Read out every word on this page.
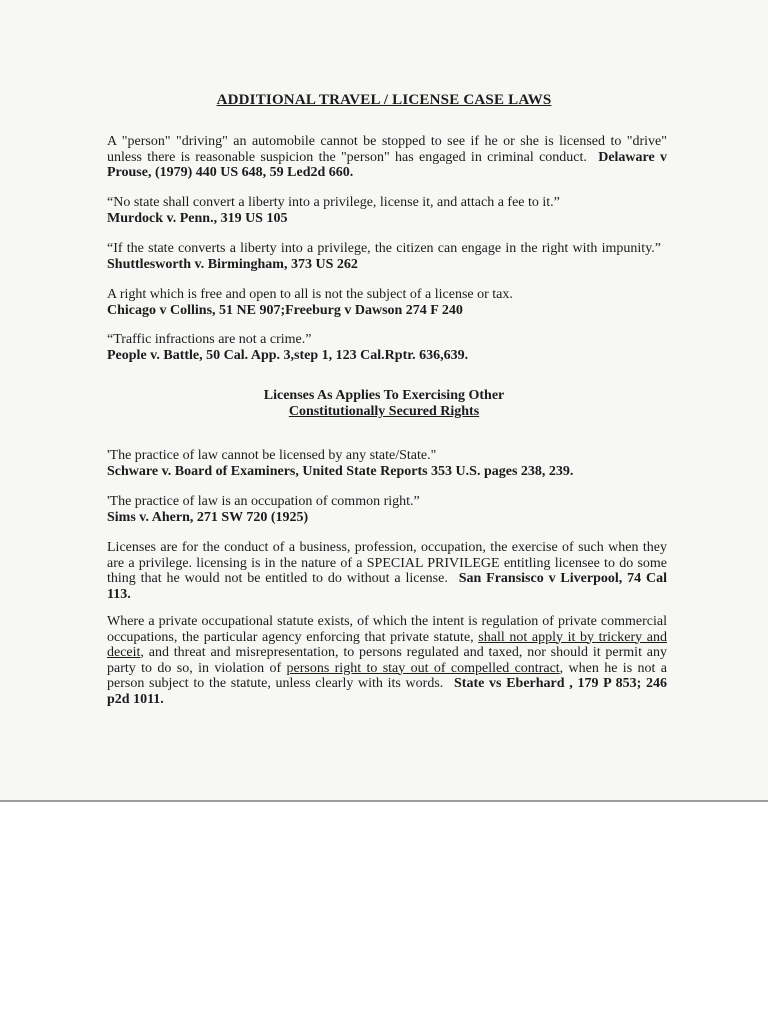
ADDITIONAL TRAVEL / LICENSE CASE LAWS
A "person" "driving" an automobile cannot be stopped to see if he or she is licensed to "drive" unless there is reasonable suspicion the "person" has engaged in criminal conduct. Delaware v Prouse, (1979) 440 US 648, 59 Led2d 660.
“No state shall convert a liberty into a privilege, license it, and attach a fee to it.”
Murdock v. Penn., 319 US 105
“If the state converts a liberty into a privilege, the citizen can engage in the right with impunity.” Shuttlesworth v. Birmingham, 373 US 262
A right which is free and open to all is not the subject of a license or tax.
Chicago v Collins, 51 NE 907;Freeburg v Dawson 274 F 240
“Traffic infractions are not a crime.”
People v. Battle, 50 Cal. App. 3,step 1, 123 Cal.Rptr. 636,639.
Licenses As Applies To Exercising Other
Constitutionally Secured Rights
'The practice of law cannot be licensed by any state/State."
Schware v. Board of Examiners, United State Reports 353 U.S. pages 238, 239.
'The practice of law is an occupation of common right.”
Sims v. Ahern, 271 SW 720 (1925)
Licenses are for the conduct of a business, profession, occupation, the exercise of such when they are a privilege. licensing is in the nature of a SPECIAL PRIVILEGE entitling licensee to do some thing that he would not be entitled to do without a license. San Fransisco v Liverpool, 74 Cal 113.
Where a private occupational statute exists, of which the intent is regulation of private commercial occupations, the particular agency enforcing that private statute, shall not apply it by trickery and deceit, and threat and misrepresentation, to persons regulated and taxed, nor should it permit any party to do so, in violation of persons right to stay out of compelled contract, when he is not a person subject to the statute, unless clearly with its words. State vs Eberhard , 179 P 853; 246 p2d 1011.
